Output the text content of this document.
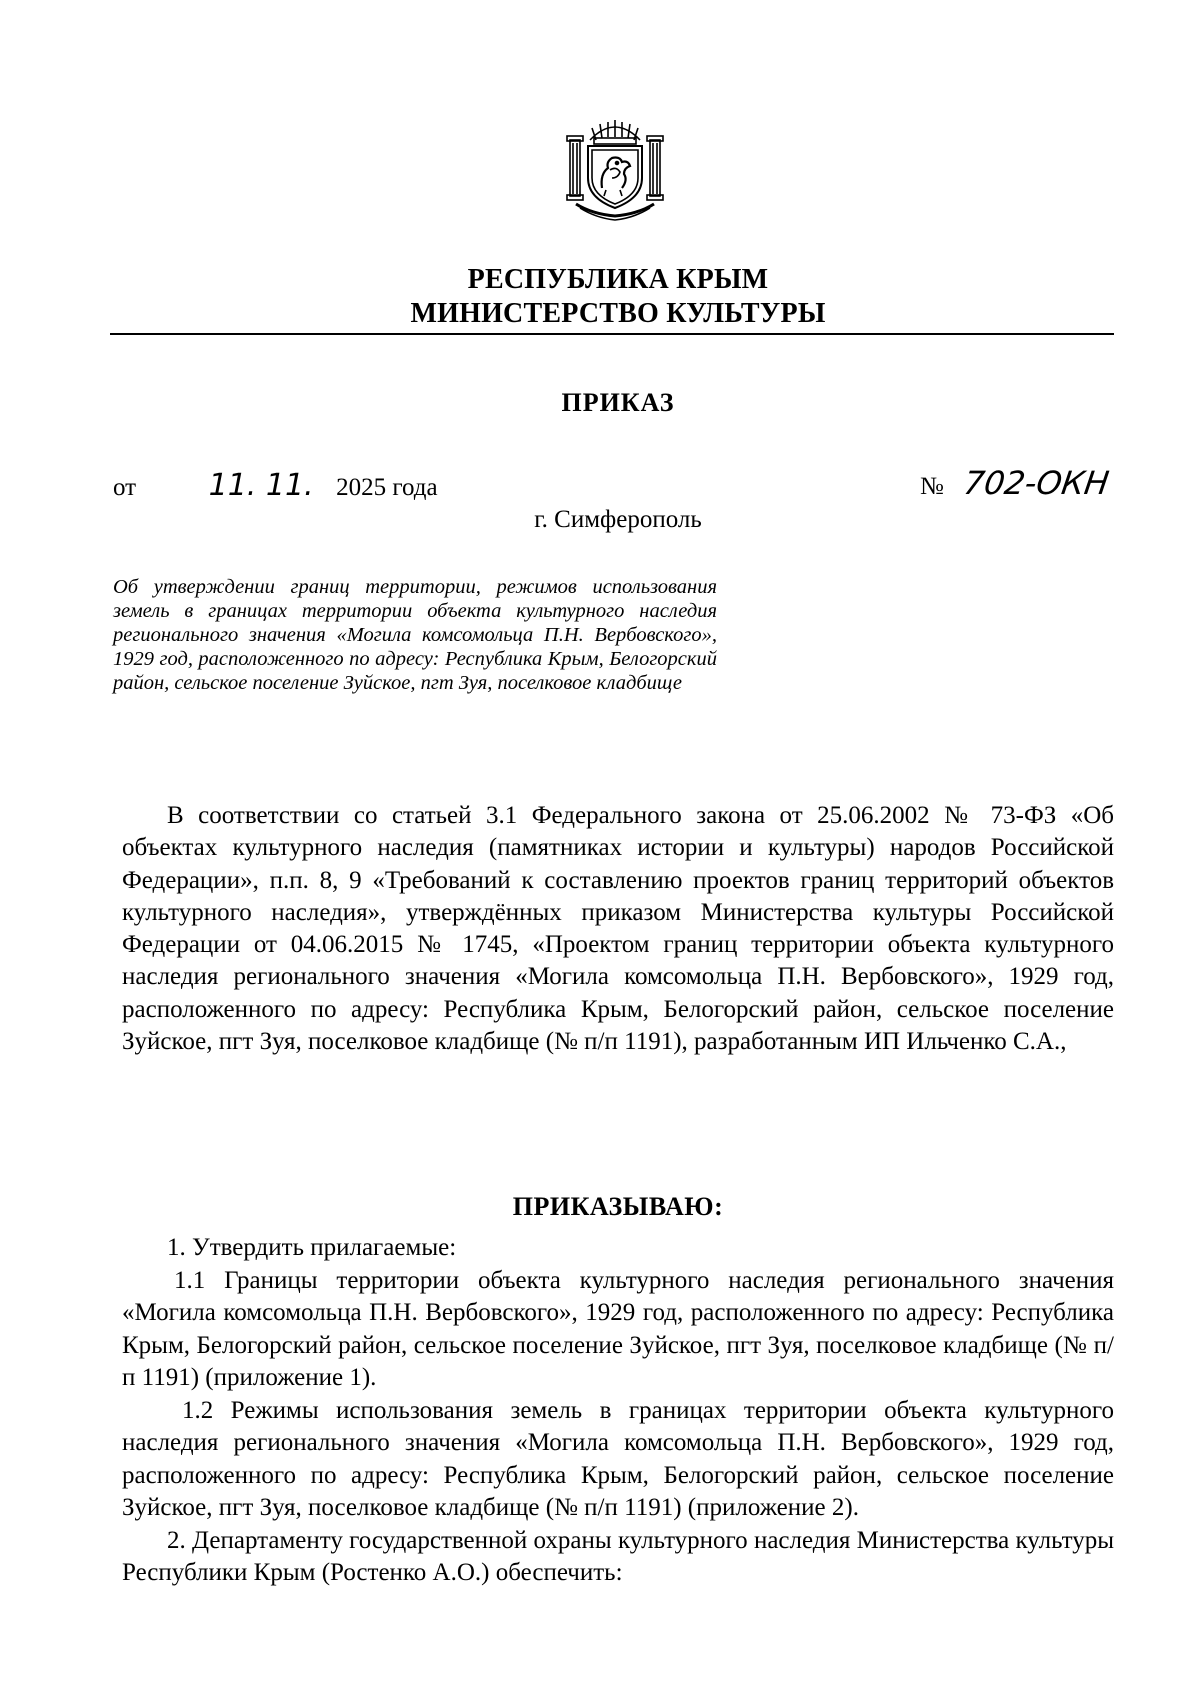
РЕСПУБЛИКА КРЫМ
МИНИСТЕРСТВО КУЛЬТУРЫ
ПРИКАЗ
от 11. 11. 2025 года	№ 702-ОКН
г. Симферополь
Об утверждении границ территории, режимов использования земель в границах территории объекта культурного наследия регионального значения «Могила комсомольца П.Н. Вербовского», 1929 год, расположенного по адресу: Республика Крым, Белогорский район, сельское поселение Зуйское, пгт Зуя, поселковое кладбище
В соответствии со статьей 3.1 Федерального закона от 25.06.2002 № 73-ФЗ «Об объектах культурного наследия (памятниках истории и культуры) народов Российской Федерации», п.п. 8, 9 «Требований к составлению проектов границ территорий объектов культурного наследия», утверждённых приказом Министерства культуры Российской Федерации от 04.06.2015 № 1745, «Проектом границ территории объекта культурного наследия регионального значения «Могила комсомольца П.Н. Вербовского», 1929 год, расположенного по адресу: Республика Крым, Белогорский район, сельское поселение Зуйское, пгт Зуя, поселковое кладбище (№ п/п 1191), разработанным ИП Ильченко С.А.,
ПРИКАЗЫВАЮ:
1. Утвердить прилагаемые:
1.1 Границы территории объекта культурного наследия регионального значения «Могила комсомольца П.Н. Вербовского», 1929 год, расположенного по адресу: Республика Крым, Белогорский район, сельское поселение Зуйское, пгт Зуя, поселковое кладбище (№ п/п 1191) (приложение 1).
1.2 Режимы использования земель в границах территории объекта культурного наследия регионального значения «Могила комсомольца П.Н. Вербовского», 1929 год, расположенного по адресу: Республика Крым, Белогорский район, сельское поселение Зуйское, пгт Зуя, поселковое кладбище (№ п/п 1191) (приложение 2).
2. Департаменту государственной охраны культурного наследия Министерства культуры Республики Крым (Ростенко А.О.) обеспечить:
